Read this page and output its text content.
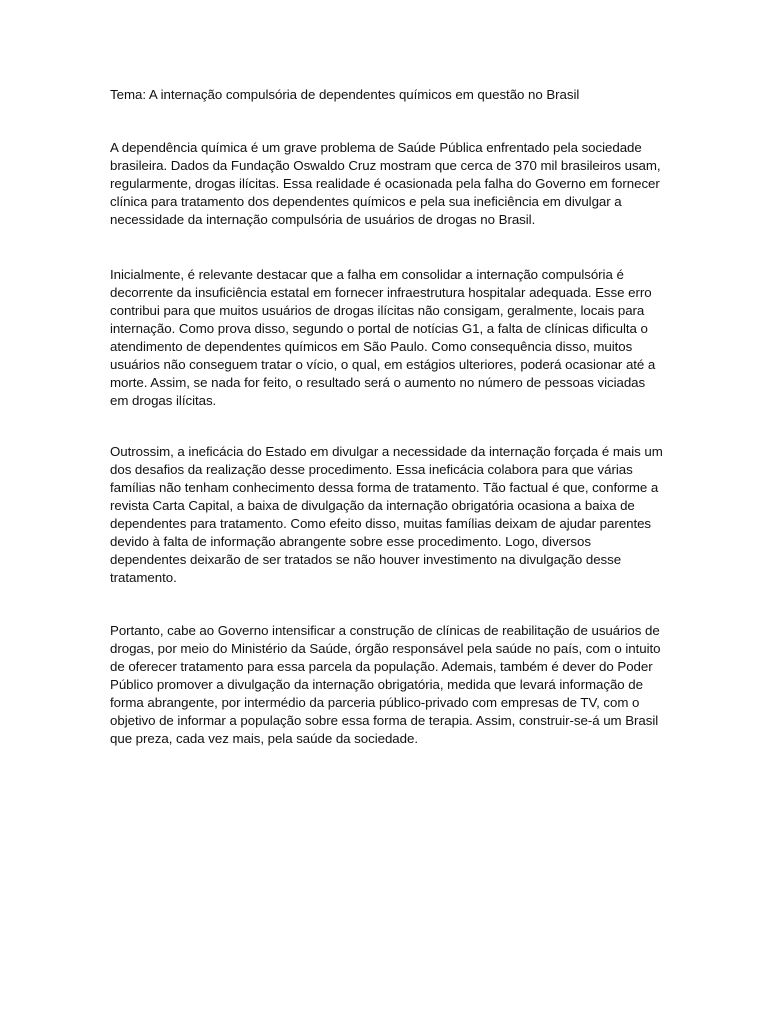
Tema: A internação compulsória de dependentes químicos em questão no Brasil

A dependência química é um grave problema de Saúde Pública enfrentado pela sociedade brasileira. Dados da Fundação Oswaldo Cruz mostram que cerca de 370 mil brasileiros usam, regularmente, drogas ilícitas. Essa realidade é ocasionada pela falha do Governo em fornecer clínica para tratamento dos dependentes químicos e pela sua ineficiência em divulgar a necessidade da internação compulsória de usuários de drogas no Brasil.

Inicialmente, é relevante destacar que a falha em consolidar a internação compulsória é decorrente da insuficiência estatal em fornecer infraestrutura hospitalar adequada. Esse erro contribui para que muitos usuários de drogas ilícitas não consigam, geralmente, locais para internação. Como prova disso, segundo o portal de notícias G1, a falta de clínicas dificulta o atendimento de dependentes químicos em São Paulo. Como consequência disso, muitos usuários não conseguem tratar o vício, o qual, em estágios ulteriores, poderá ocasionar até a morte. Assim, se nada for feito, o resultado será o aumento no número de pessoas viciadas em drogas ilícitas.

Outrossim, a ineficácia do Estado em divulgar a necessidade da internação forçada é mais um dos desafios da realização desse procedimento. Essa ineficácia colabora para que várias famílias não tenham conhecimento dessa forma de tratamento. Tão factual é que, conforme a revista Carta Capital, a baixa de divulgação da internação obrigatória ocasiona a baixa de dependentes para tratamento. Como efeito disso, muitas famílias deixam de ajudar parentes devido à falta de informação abrangente sobre esse procedimento. Logo, diversos dependentes deixarão de ser tratados se não houver investimento na divulgação desse tratamento.

Portanto, cabe ao Governo intensificar a construção de clínicas de reabilitação de usuários de drogas, por meio do Ministério da Saúde, órgão responsável pela saúde no país, com o intuito de oferecer tratamento para essa parcela da população. Ademais, também é dever do Poder Público promover a divulgação da internação obrigatória, medida que levará informação de forma abrangente, por intermédio da parceria público-privado com empresas de TV, com o objetivo de informar a população sobre essa forma de terapia. Assim, construir-se-á um Brasil que preza, cada vez mais, pela saúde da sociedade.
